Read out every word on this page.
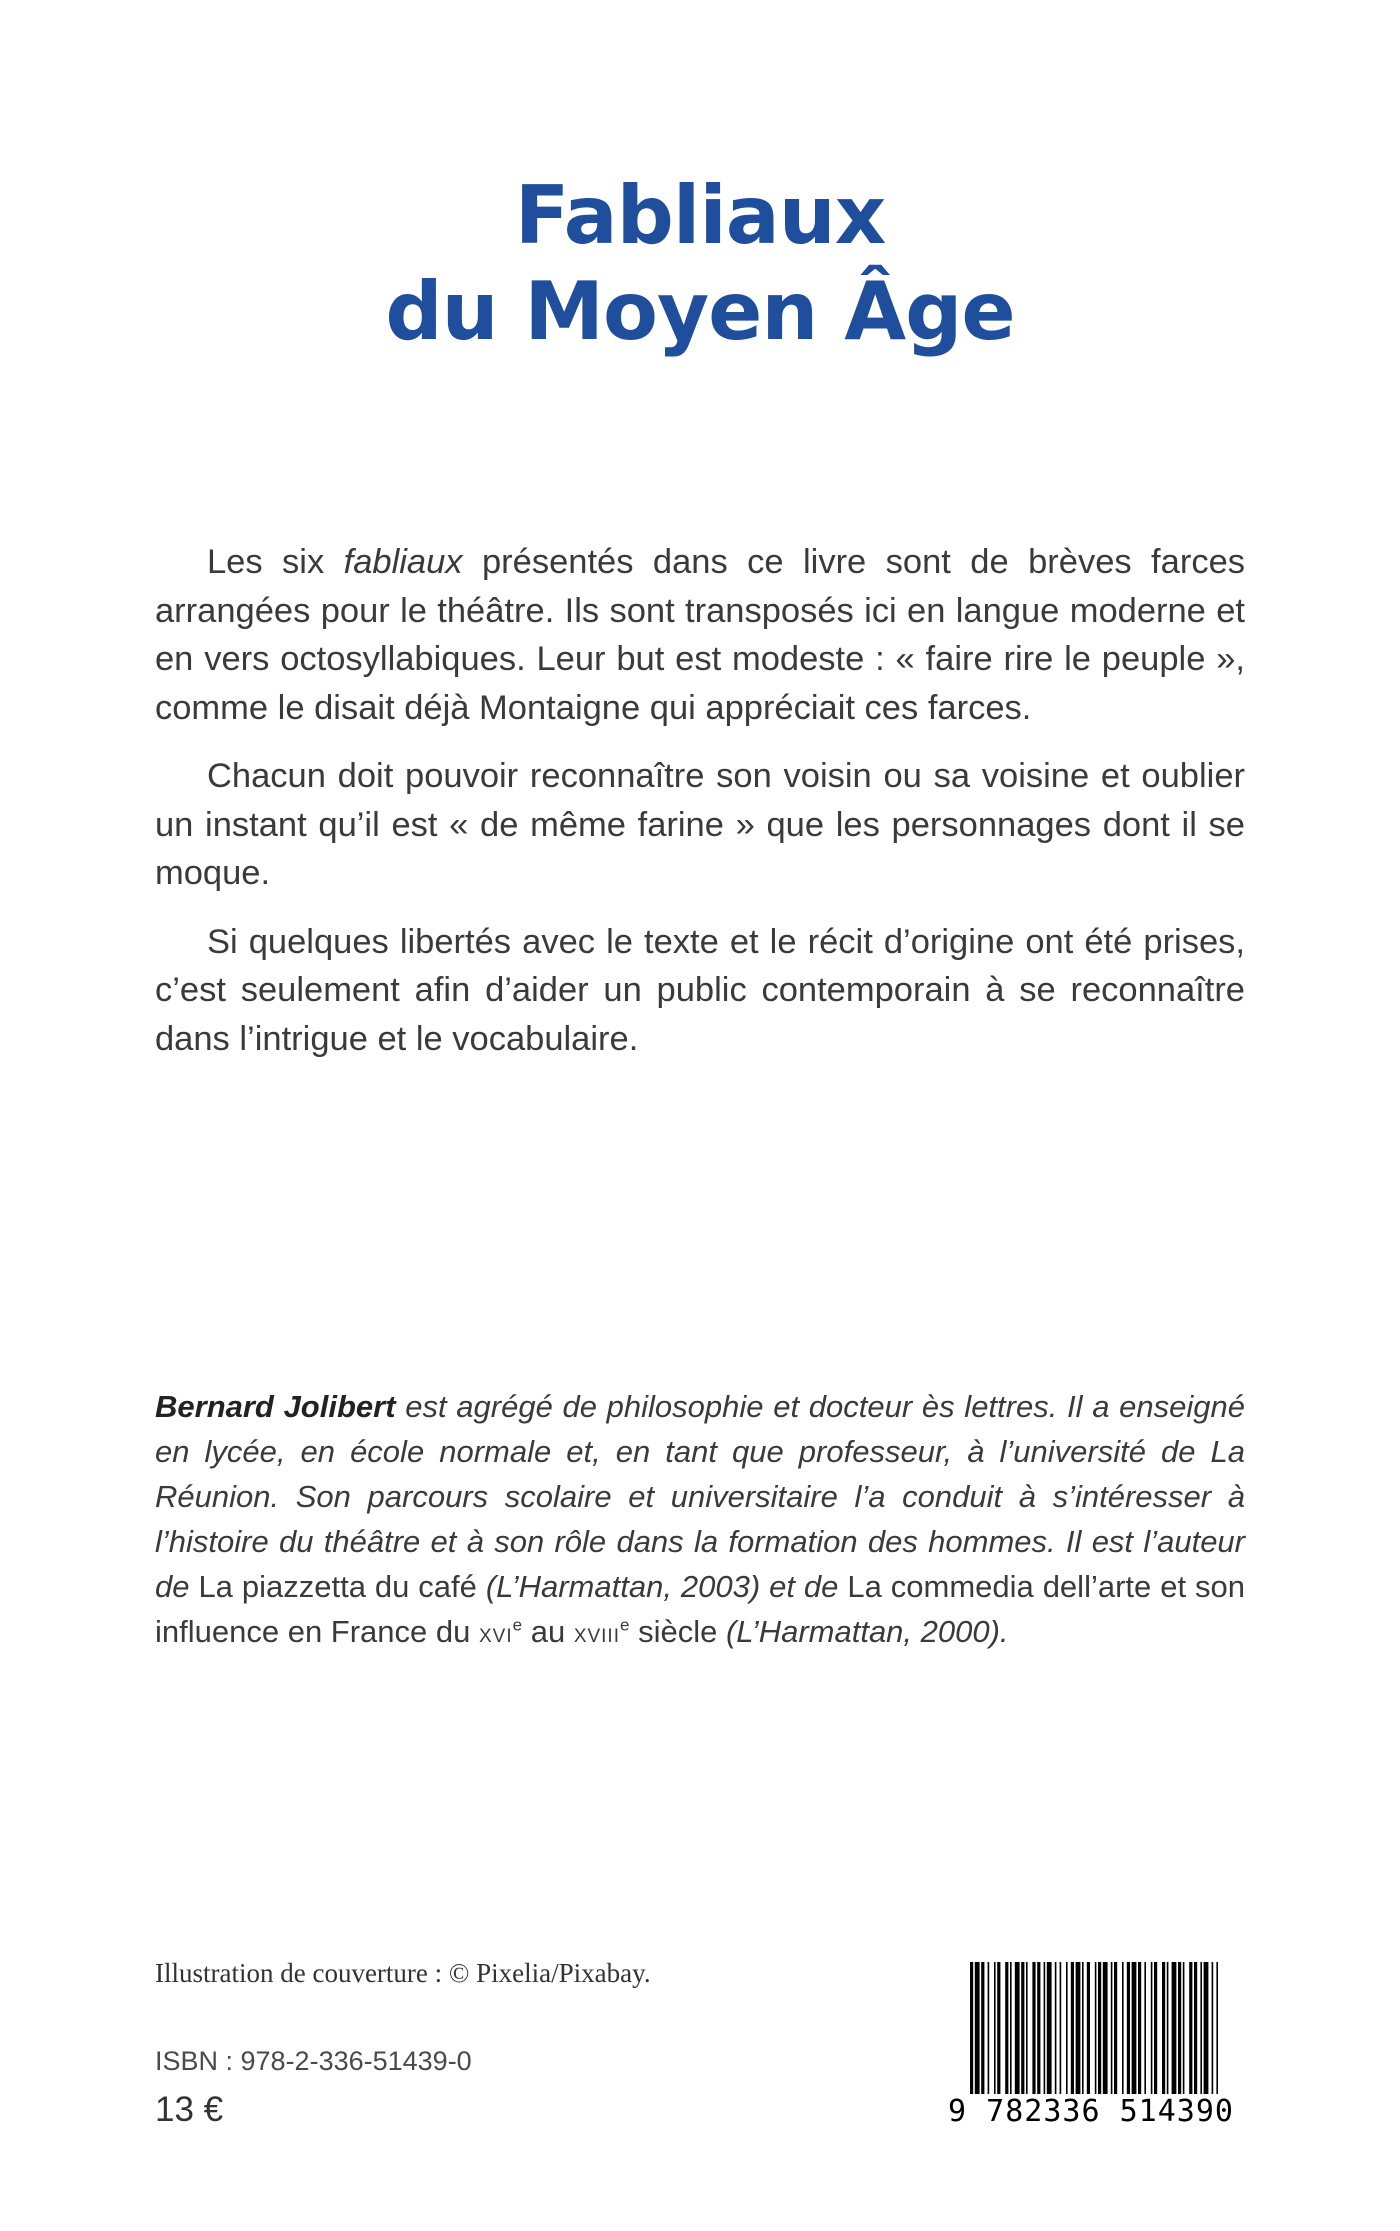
Fabliaux
du Moyen Âge

Les six fabliaux présentés dans ce livre sont de brèves farces arrangées pour le théâtre. Ils sont transposés ici en langue moderne et en vers octosyllabiques. Leur but est modeste : « faire rire le peuple », comme le disait déjà Montaigne qui appréciait ces farces.

Chacun doit pouvoir reconnaître son voisin ou sa voisine et oublier un instant qu’il est « de même farine » que les personnages dont il se moque.

Si quelques libertés avec le texte et le récit d’origine ont été prises, c’est seulement afin d’aider un public contemporain à se reconnaître dans l’intrigue et le vocabulaire.

Bernard Jolibert est agrégé de philosophie et docteur ès lettres. Il a enseigné en lycée, en école normale et, en tant que professeur, à l’université de La Réunion. Son parcours scolaire et universitaire l’a conduit à s’intéresser à l’histoire du théâtre et à son rôle dans la formation des hommes. Il est l’auteur de La piazzetta du café (L’Harmattan, 2003) et de La commedia dell’arte et son influence en France du XVIe au XVIIIe siècle (L’Harmattan, 2000).
Illustration de couverture : © Pixelia/Pixabay.
ISBN : 978-2-336-51439-0
13 €	9 782336 514390
